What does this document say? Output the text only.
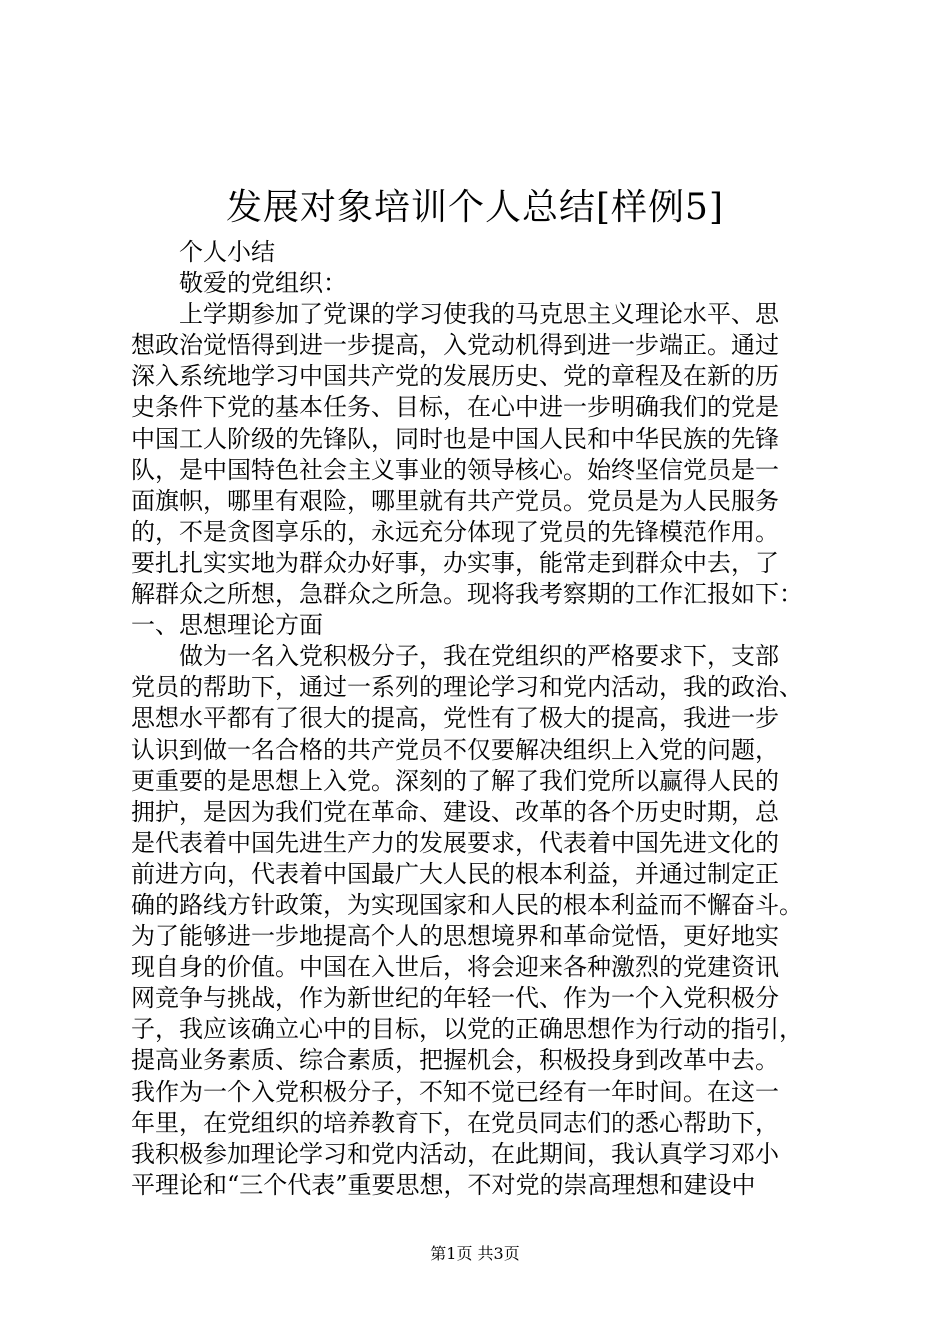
发展对象培训个人总结[样例5]
个人小结
敬爱的党组织：
上学期参加了党课的学习使我的马克思主义理论水平、思
想政治觉悟得到进一步提高，入党动机得到进一步端正。通过
深入系统地学习中国共产党的发展历史、党的章程及在新的历
史条件下党的基本任务、目标，在心中进一步明确我们的党是
中国工人阶级的先锋队，同时也是中国人民和中华民族的先锋
队，是中国特色社会主义事业的领导核心。始终坚信党员是一
面旗帜，哪里有艰险，哪里就有共产党员。党员是为人民服务
的，不是贪图享乐的，永远充分体现了党员的先锋模范作用。
要扎扎实实地为群众办好事，办实事，能常走到群众中去，了
解群众之所想，急群众之所急。现将我考察期的工作汇报如下：
一、思想理论方面
做为一名入党积极分子，我在党组织的严格要求下，支部
党员的帮助下，通过一系列的理论学习和党内活动，我的政治、
思想水平都有了很大的提高，党性有了极大的提高，我进一步
认识到做一名合格的共产党员不仅要解决组织上入党的问题，
更重要的是思想上入党。深刻的了解了我们党所以赢得人民的
拥护，是因为我们党在革命、建设、改革的各个历史时期，总
是代表着中国先进生产力的发展要求，代表着中国先进文化的
前进方向，代表着中国最广大人民的根本利益，并通过制定正
确的路线方针政策，为实现国家和人民的根本利益而不懈奋斗。
为了能够进一步地提高个人的思想境界和革命觉悟，更好地实
现自身的价值。中国在入世后，将会迎来各种激烈的党建资讯
网竞争与挑战，作为新世纪的年轻一代、作为一个入党积极分
子，我应该确立心中的目标，以党的正确思想作为行动的指引，
提高业务素质、综合素质，把握机会，积极投身到改革中去。
我作为一个入党积极分子，不知不觉已经有一年时间。在这一
年里，在党组织的培养教育下，在党员同志们的悉心帮助下，
我积极参加理论学习和党内活动，在此期间，我认真学习邓小
平理论和“三个代表”重要思想，不对党的崇高理想和建设中
第1页 共3页
